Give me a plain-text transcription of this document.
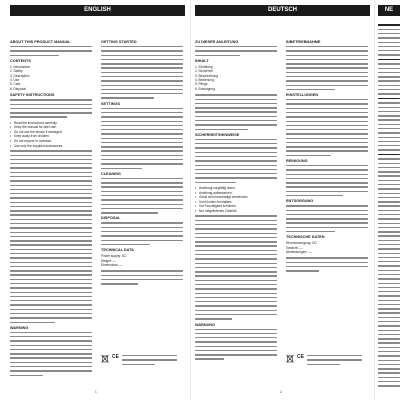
ENGLISH
ABOUT THIS PRODUCT MANUAL
CONTENTS
1. Introduction
2. Safety
3. Description
4. Use
5. Care
6. Disposal
SAFETY INSTRUCTIONS
• Read the instructions carefully.
• Keep the manual for later use.
• Do not use the device if damaged.
• Keep away from children.
• Do not expose to moisture.
• Use only the supplied accessories.
WARNING
GETTING STARTED
SETTINGS
CLEANING
DISPOSAL
TECHNICAL DATA
Power supply: DC
Weight: —
Dimensions: —
CE
1
DEUTSCH
ZU DIESER ANLEITUNG
INHALT
1. Einleitung
2. Sicherheit
3. Beschreibung
4. Bedienung
5. Pflege
6. Entsorgung
SICHERHEITSHINWEISE
• Anleitung sorgfältig lesen.
• Anleitung aufbewahren.
• Gerät nicht beschädigt verwenden.
• Von Kindern fernhalten.
• Vor Feuchtigkeit schützen.
• Nur mitgeliefertes Zubehör.
WARNUNG
INBETRIEBNAHME
EINSTELLUNGEN
REINIGUNG
ENTSORGUNG
TECHNISCHE DATEN
Stromversorgung: DC
Gewicht: —
Abmessungen: —
CE
2
NE
